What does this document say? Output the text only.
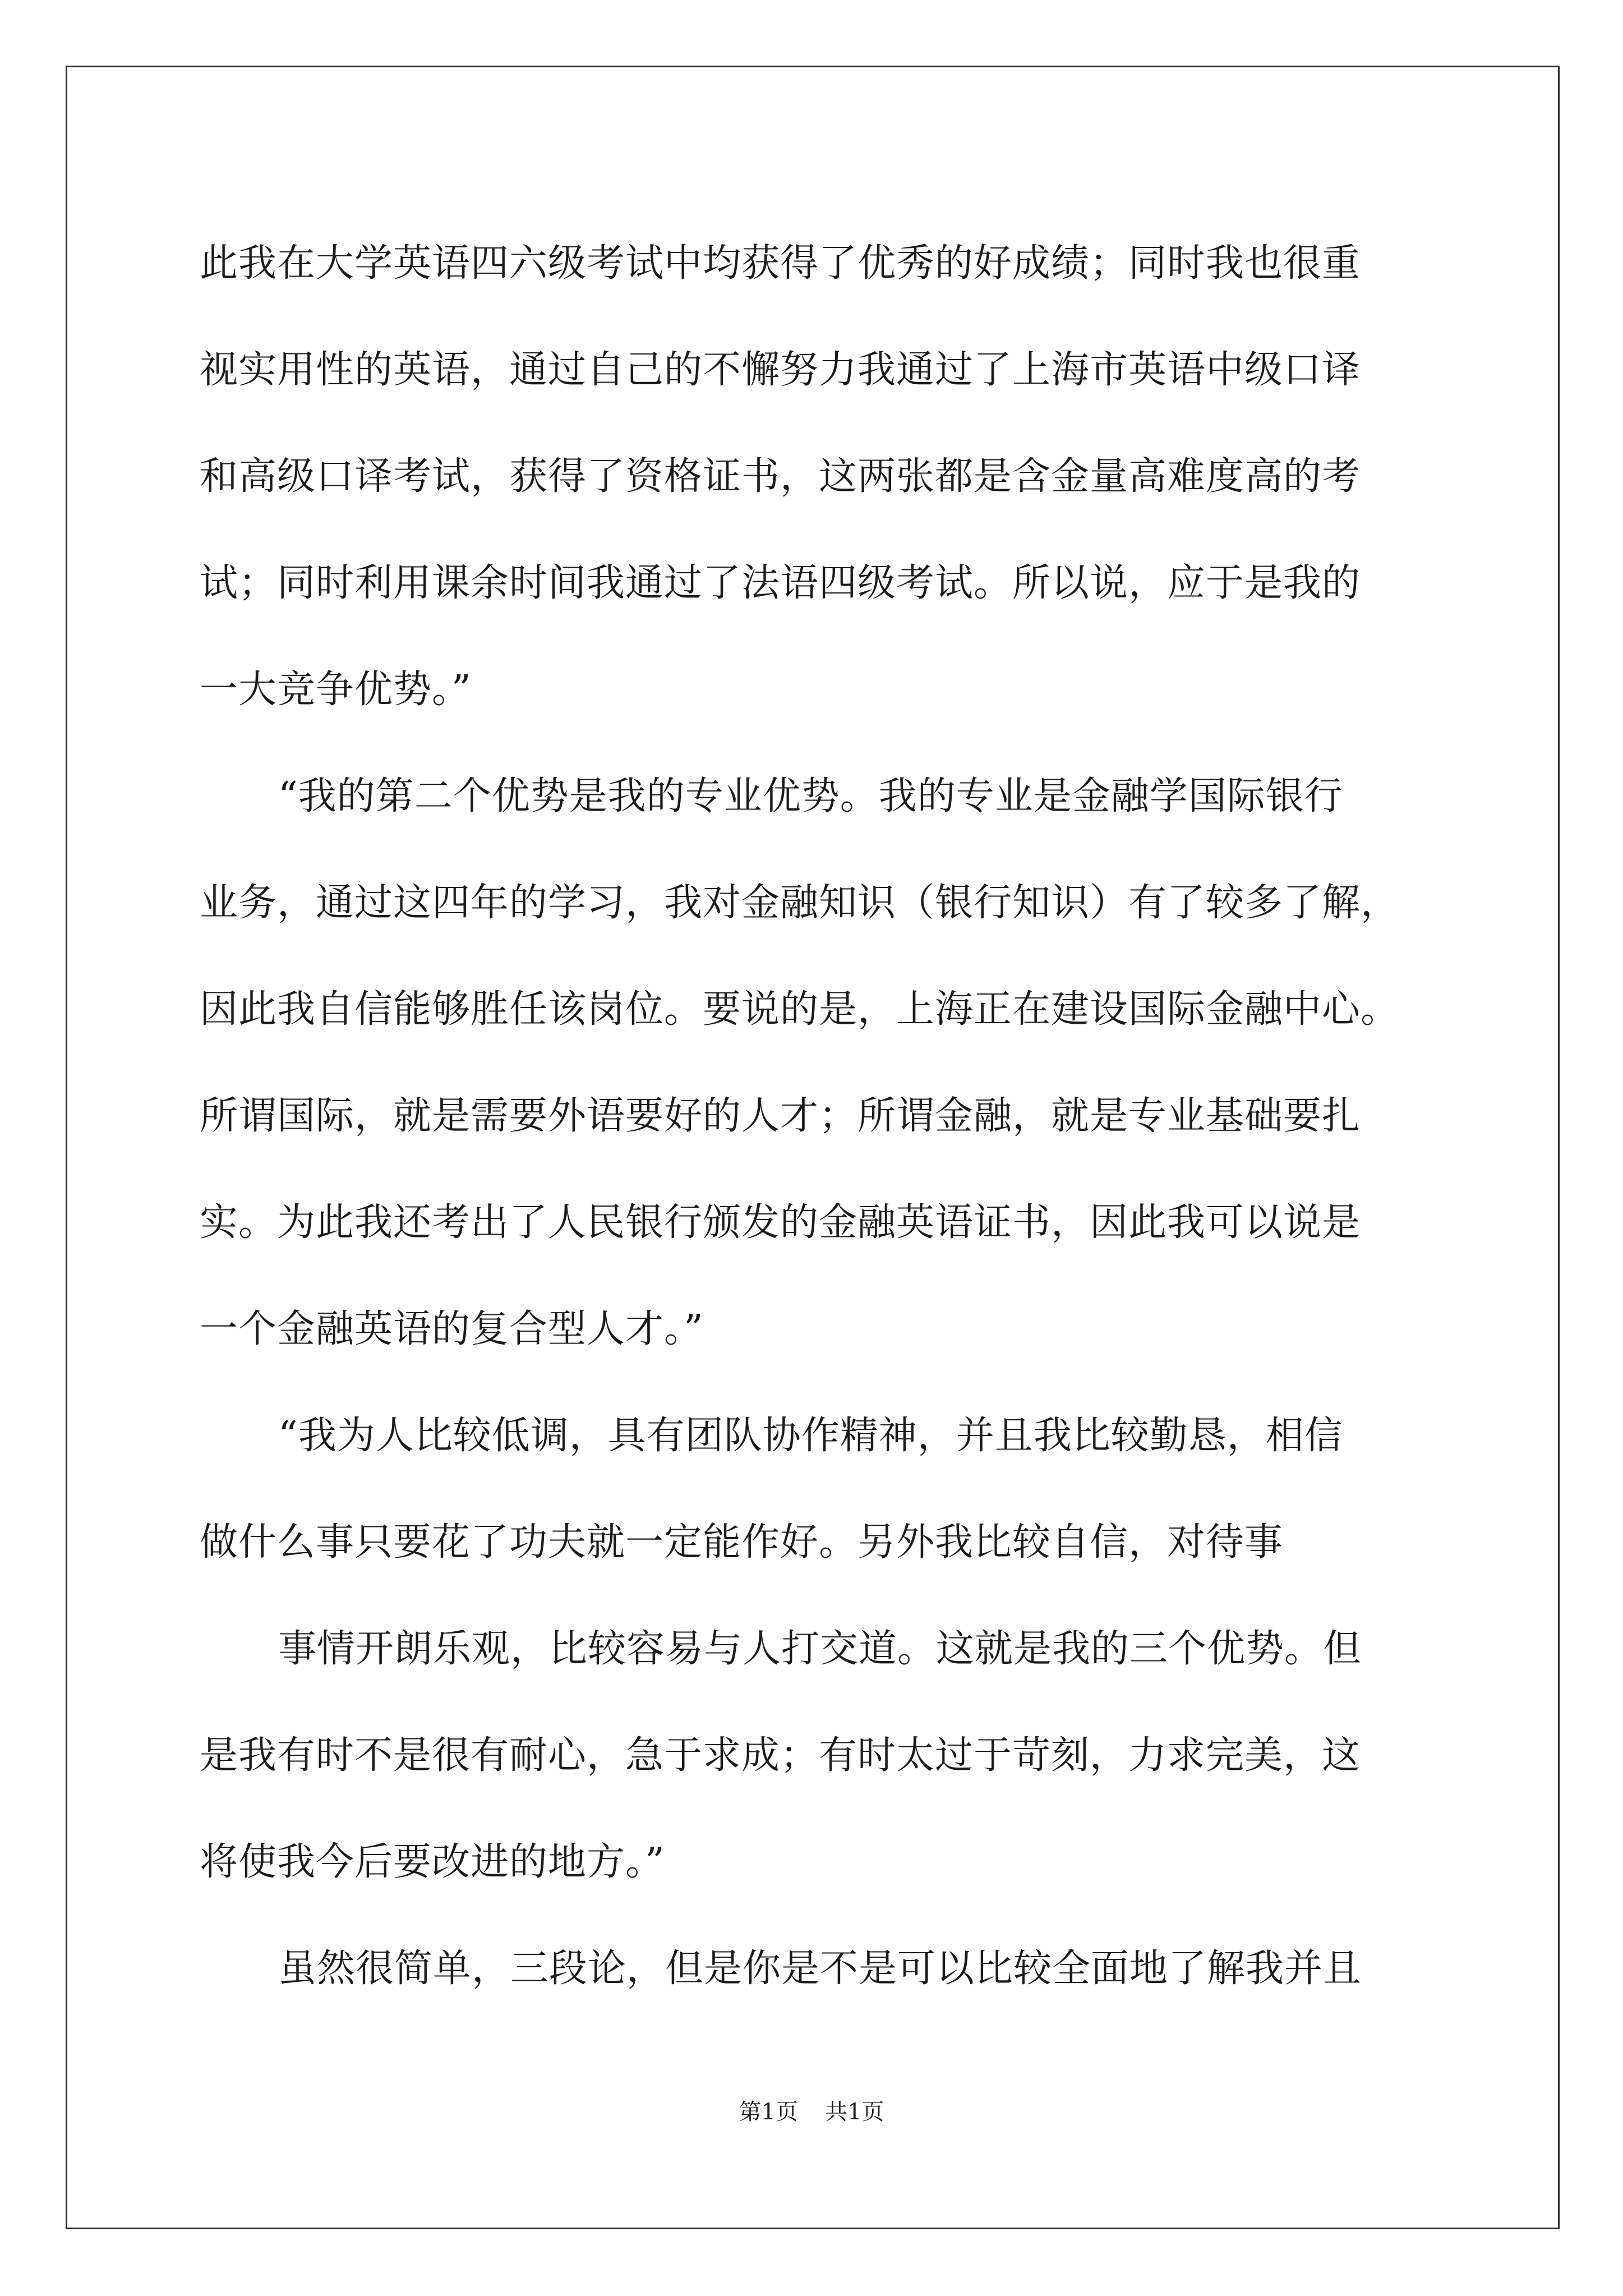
此我在大学英语四六级考试中均获得了优秀的好成绩；同时我也很重
视实用性的英语，通过自己的不懈努力我通过了上海市英语中级口译
和高级口译考试，获得了资格证书，这两张都是含金量高难度高的考
试；同时利用课余时间我通过了法语四级考试。所以说，应于是我的
一大竞争优势。”
“我的第二个优势是我的专业优势。我的专业是金融学国际银行
业务，通过这四年的学习，我对金融知识（银行知识）有了较多了解，
因此我自信能够胜任该岗位。要说的是，上海正在建设国际金融中心。
所谓国际，就是需要外语要好的人才；所谓金融，就是专业基础要扎
实。为此我还考出了人民银行颁发的金融英语证书，因此我可以说是
一个金融英语的复合型人才。”
“我为人比较低调，具有团队协作精神，并且我比较勤恳，相信
做什么事只要花了功夫就一定能作好。另外我比较自信，对待事
事情开朗乐观，比较容易与人打交道。这就是我的三个优势。但
是我有时不是很有耐心，急于求成；有时太过于苛刻，力求完美，这
将使我今后要改进的地方。”
虽然很简单，三段论，但是你是不是可以比较全面地了解我并且
第1页 共1页
